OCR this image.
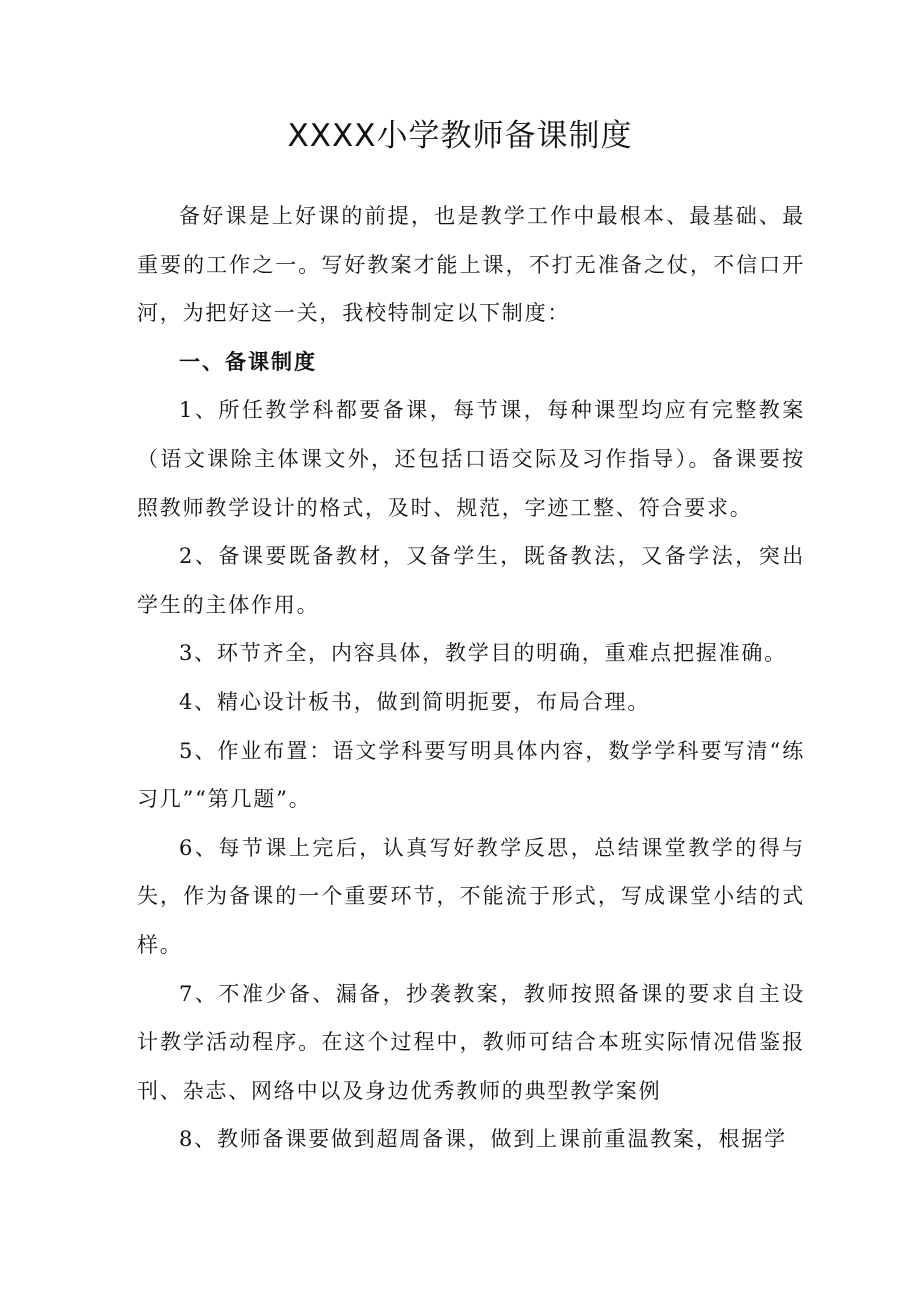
XXXX小学教师备课制度

备好课是上好课的前提，也是教学工作中最根本、最基础、最重要的工作之一。写好教案才能上课，不打无准备之仗，不信口开河，为把好这一关，我校特制定以下制度：

一、备课制度

1、所任教学科都要备课，每节课，每种课型均应有完整教案（语文课除主体课文外，还包括口语交际及习作指导）。备课要按照教师教学设计的格式，及时、规范，字迹工整、符合要求。

2、备课要既备教材，又备学生，既备教法，又备学法，突出学生的主体作用。

3、环节齐全，内容具体，教学目的明确，重难点把握准确。

4、精心设计板书，做到简明扼要，布局合理。

5、作业布置：语文学科要写明具体内容，数学学科要写清“练习几”“第几题”。

6、每节课上完后，认真写好教学反思，总结课堂教学的得与失，作为备课的一个重要环节，不能流于形式，写成课堂小结的式样。

7、不准少备、漏备，抄袭教案，教师按照备课的要求自主设计教学活动程序。在这个过程中，教师可结合本班实际情况借鉴报刊、杂志、网络中以及身边优秀教师的典型教学案例

8、教师备课要做到超周备课，做到上课前重温教案，根据学
